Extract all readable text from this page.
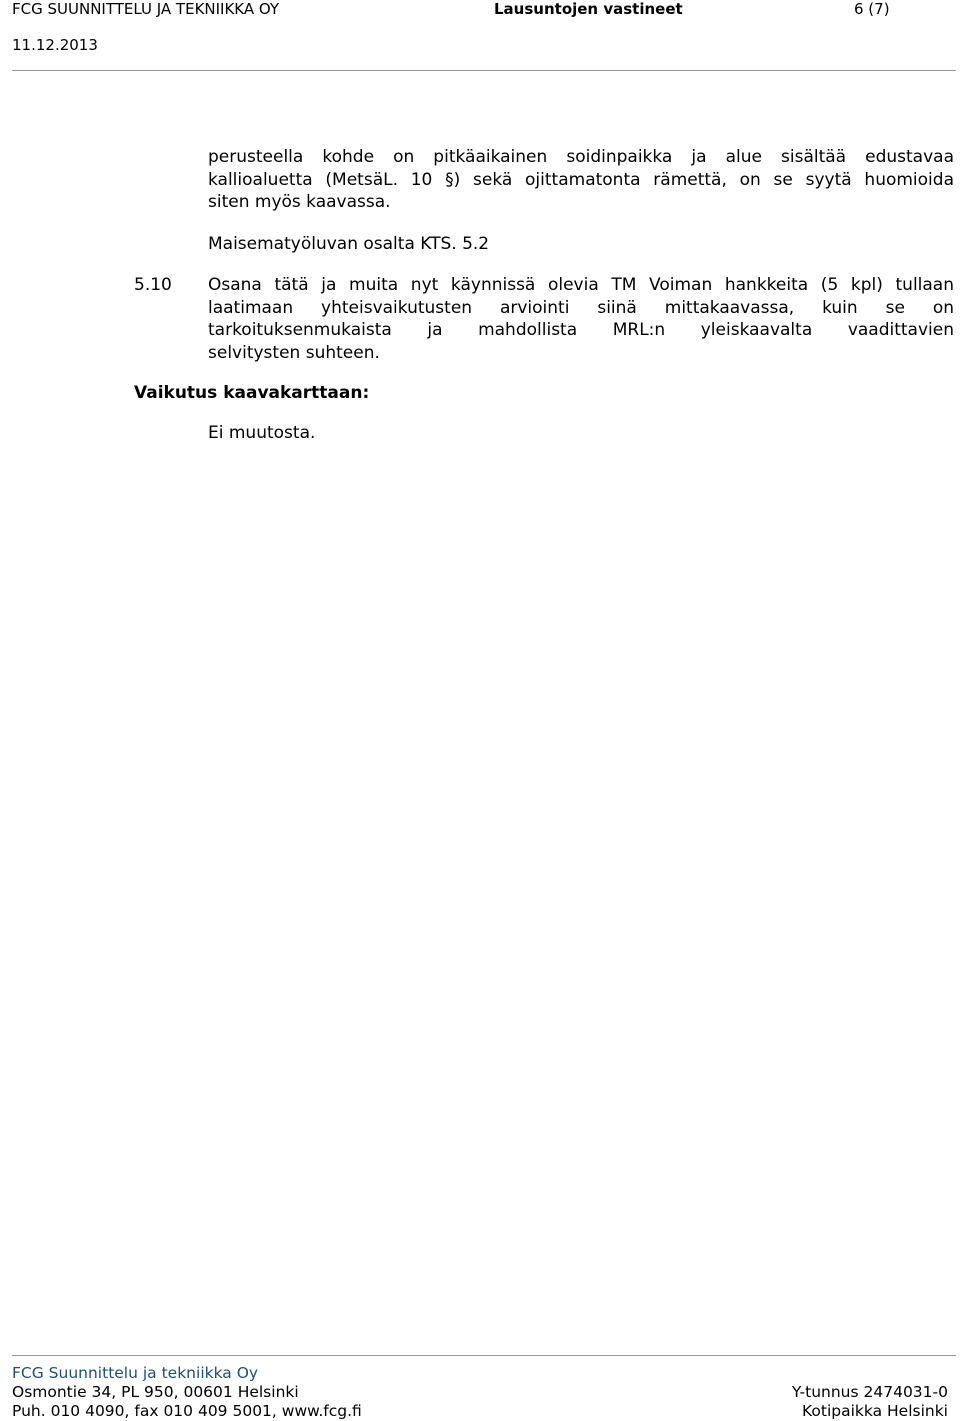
FCG SUUNNITTELU JA TEKNIIKKA OY	Lausuntojen vastineet	6 (7)
11.12.2013
perusteella kohde on pitkäaikainen soidinpaikka ja alue sisältää edustavaa
kallioaluetta (MetsäL. 10 §) sekä ojittamatonta rämettä, on se syytä huomioida
siten myös kaavassa.
Maisematyöluvan osalta KTS. 5.2
5.10 Osana tätä ja muita nyt käynnissä olevia TM Voiman hankkeita (5 kpl) tullaan
laatimaan yhteisvaikutusten arviointi siinä mittakaavassa, kuin se on
tarkoituksenmukaista ja mahdollista MRL:n yleiskaavalta vaadittavien
selvitysten suhteen.
Vaikutus kaavakarttaan:
Ei muutosta.
FCG Suunnittelu ja tekniikka Oy
Osmontie 34, PL 950, 00601 Helsinki
Puh. 010 4090, fax 010 409 5001, www.fcg.fi
Y-tunnus 2474031-0
Kotipaikka Helsinki
